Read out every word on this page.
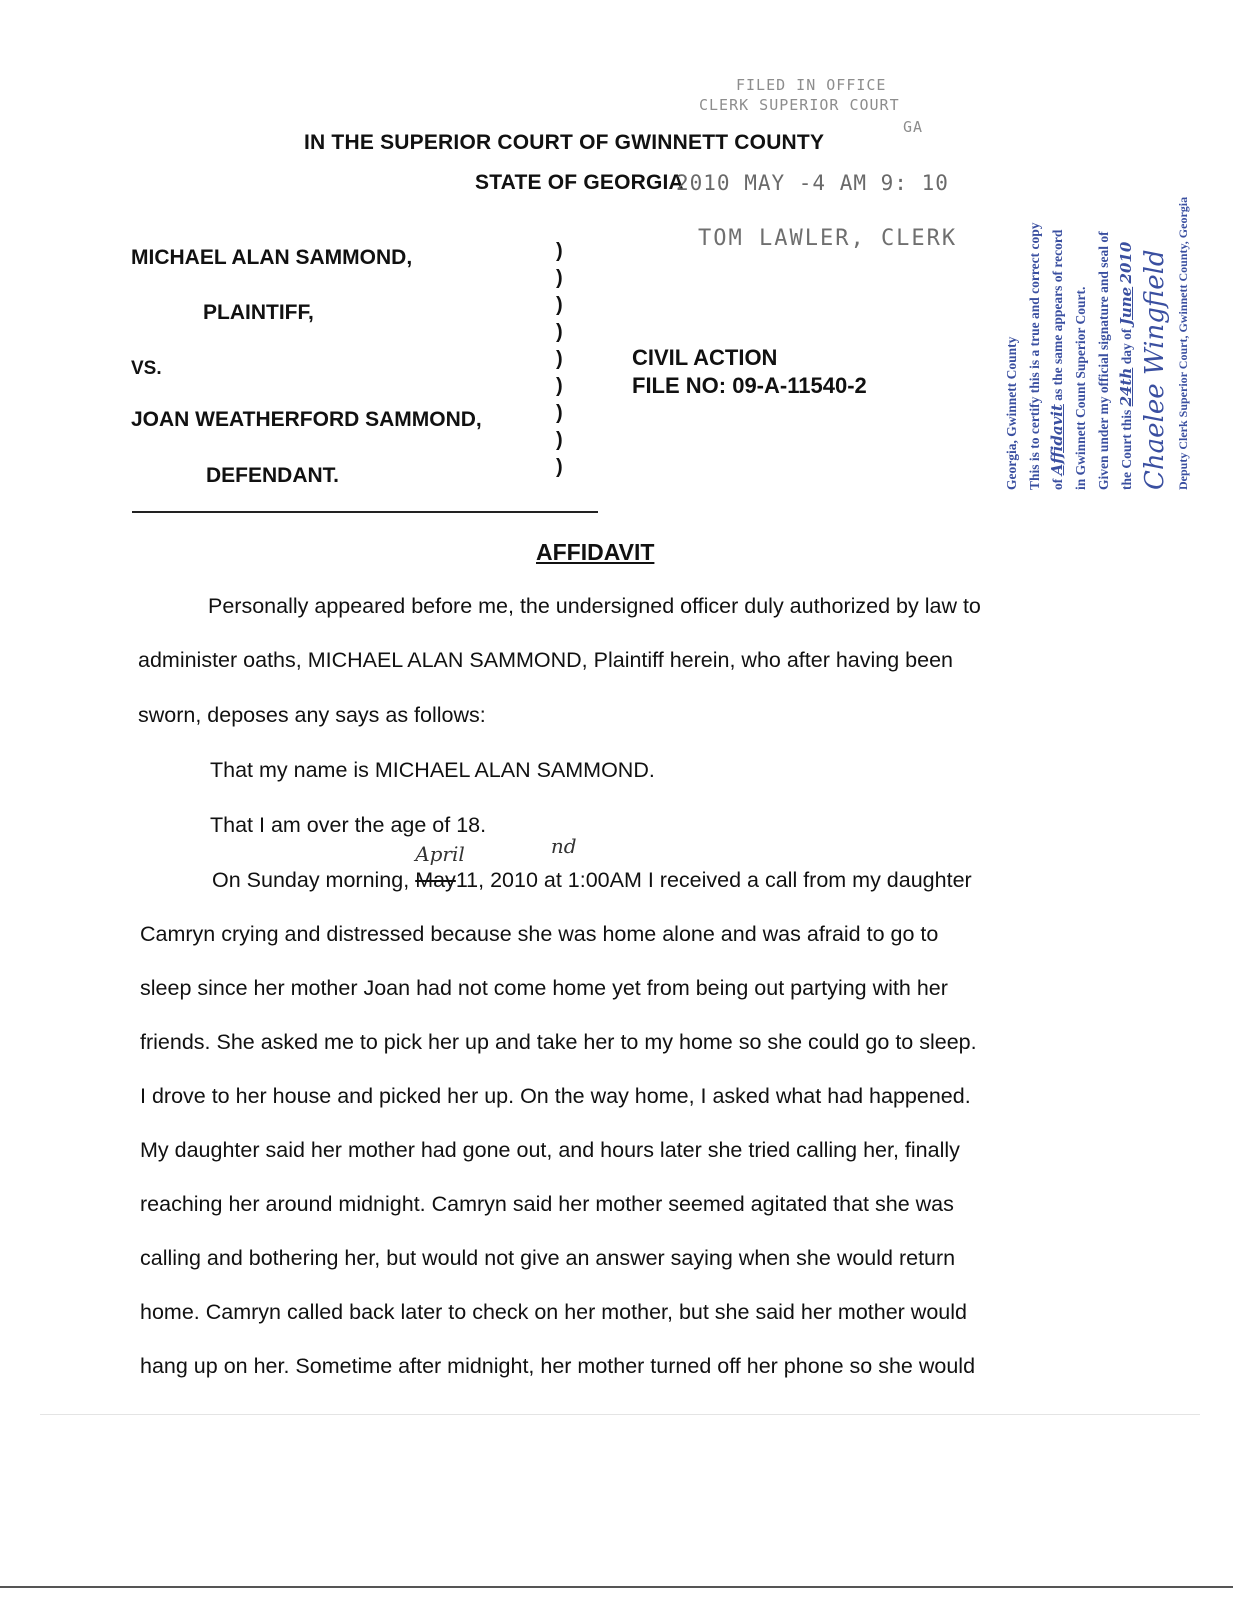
IN THE SUPERIOR COURT OF GWINNETT COUNTY
STATE OF GEORGIA
FILED IN OFFICE
CLERK SUPERIOR COURT
GA
2010 MAY -4 AM 9: 10
TOM LAWLER, CLERK
MICHAEL ALAN SAMMOND,
PLAINTIFF,
VS.
JOAN WEATHERFORD SAMMOND,
DEFENDANT.
)
)
)
)
)
)
)
)
)
CIVIL ACTION
FILE NO: 09-A-11540-2	Georgia, Gwinnett County This is to certify this is a true and correct copy of Affidavit as the same appears of record in Gwinnett Count Superior Court. Given under my official signature and seal of the Court this 24th day of June 2010 Chaelee Wingfield Deputy Clerk Superior Court, Gwinnett County, Georgia
AFFIDAVIT
Personally appeared before me, the undersigned officer duly authorized by law to
administer oaths, MICHAEL ALAN SAMMOND, Plaintiff herein, who after having been
sworn, deposes any says as follows:
That my name is MICHAEL ALAN SAMMOND.
That I am over the age of 18.
On Sunday morning, May
April	nd
11, 2010 at 1:00AM I received a call from my daughter
Camryn crying and distressed because she was home alone and was afraid to go to
sleep since her mother Joan had not come home yet from being out partying with her
friends. She asked me to pick her up and take her to my home so she could go to sleep.
I drove to her house and picked her up. On the way home, I asked what had happened.
My daughter said her mother had gone out, and hours later she tried calling her, finally
reaching her around midnight. Camryn said her mother seemed agitated that she was
calling and bothering her, but would not give an answer saying when she would return
home. Camryn called back later to check on her mother, but she said her mother would
hang up on her. Sometime after midnight, her mother turned off her phone so she would
